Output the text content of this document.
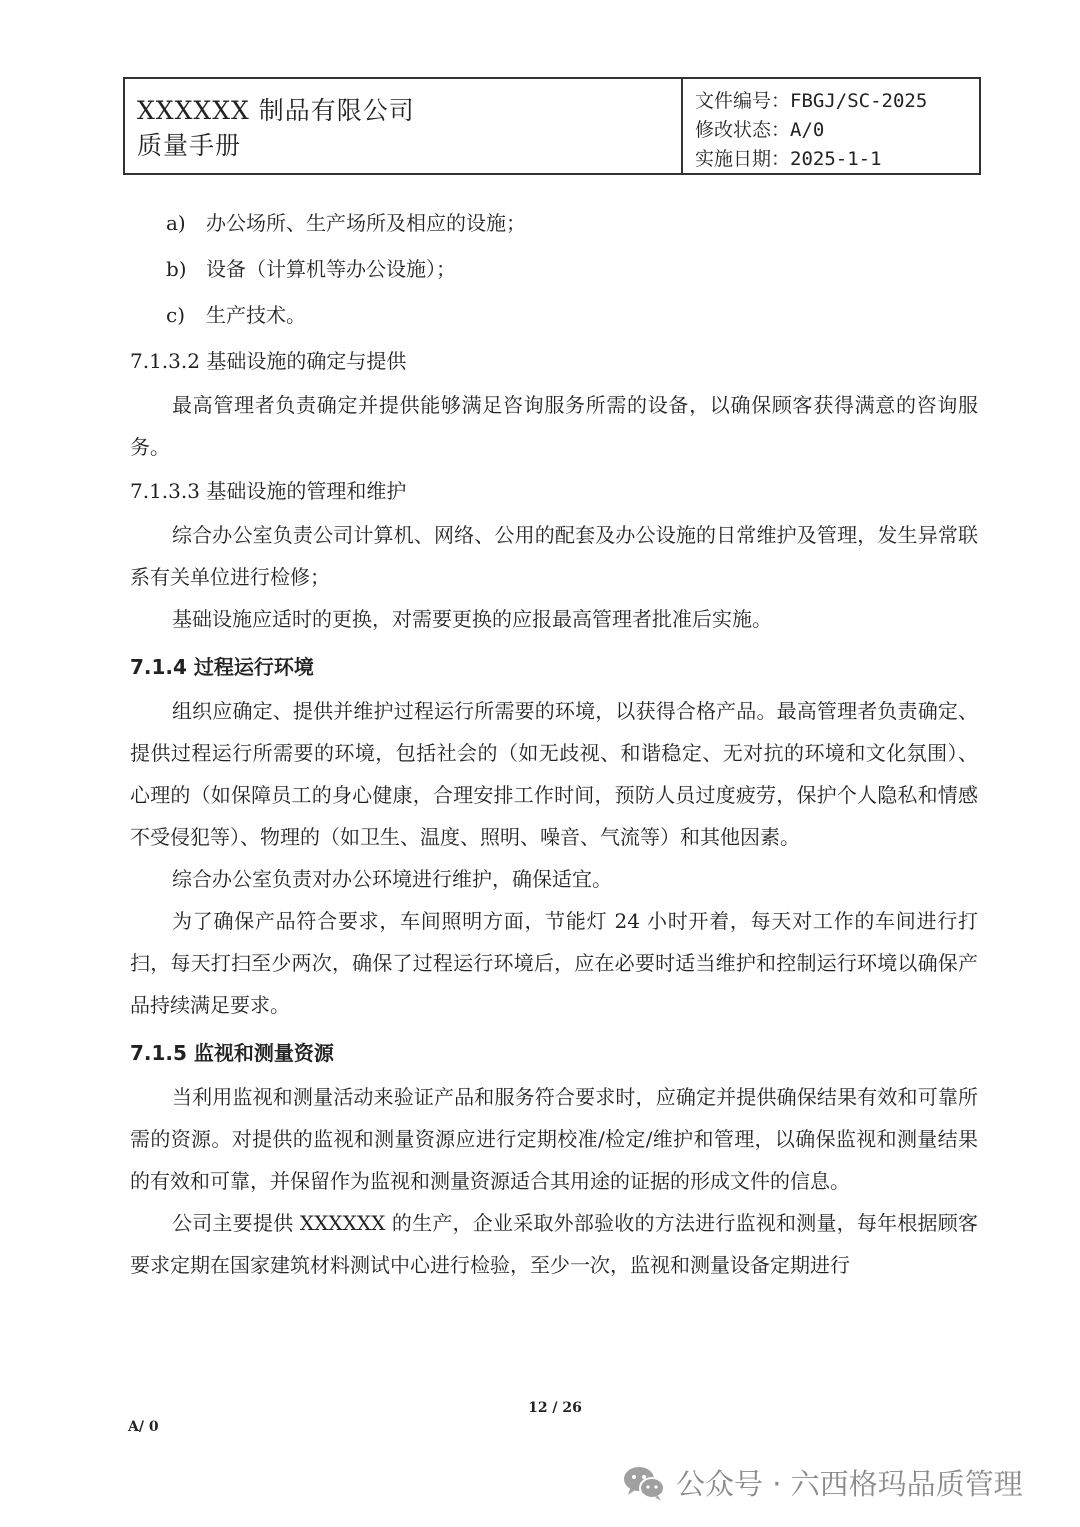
XXXXXX 制品有限公司
质量手册
文件编号：FBGJ/SC-2025
修改状态：A/0
实施日期：2025-1-1

a) 办公场所、生产场所及相应的设施；

b) 设备（计算机等办公设施）；

c) 生产技术。

7.1.3.2 基础设施的确定与提供

最高管理者负责确定并提供能够满足咨询服务所需的设备，以确保顾客获得满意的咨询服务。

7.1.3.3 基础设施的管理和维护

综合办公室负责公司计算机、网络、公用的配套及办公设施的日常维护及管理，发生异常联系有关单位进行检修；

基础设施应适时的更换，对需要更换的应报最高管理者批准后实施。

7.1.4 过程运行环境

组织应确定、提供并维护过程运行所需要的环境，以获得合格产品。最高管理者负责确定、提供过程运行所需要的环境，包括社会的（如无歧视、和谐稳定、无对抗的环境和文化氛围）、心理的（如保障员工的身心健康，合理安排工作时间，预防人员过度疲劳，保护个人隐私和情感不受侵犯等）、物理的（如卫生、温度、照明、噪音、气流等）和其他因素。

综合办公室负责对办公环境进行维护，确保适宜。

为了确保产品符合要求，车间照明方面，节能灯 24 小时开着，每天对工作的车间进行打扫，每天打扫至少两次，确保了过程运行环境后，应在必要时适当维护和控制运行环境以确保产品持续满足要求。

7.1.5 监视和测量资源

当利用监视和测量活动来验证产品和服务符合要求时，应确定并提供确保结果有效和可靠所需的资源。对提供的监视和测量资源应进行定期校准/检定/维护和管理，以确保监视和测量结果的有效和可靠，并保留作为监视和测量资源适合其用途的证据的形成文件的信息。

公司主要提供 XXXXXX 的生产，企业采取外部验收的方法进行监视和测量，每年根据顾客要求定期在国家建筑材料测试中心进行检验，至少一次，监视和测量设备定期进行

12 / 26
A/ 0
公众号 · 六西格玛品质管理
